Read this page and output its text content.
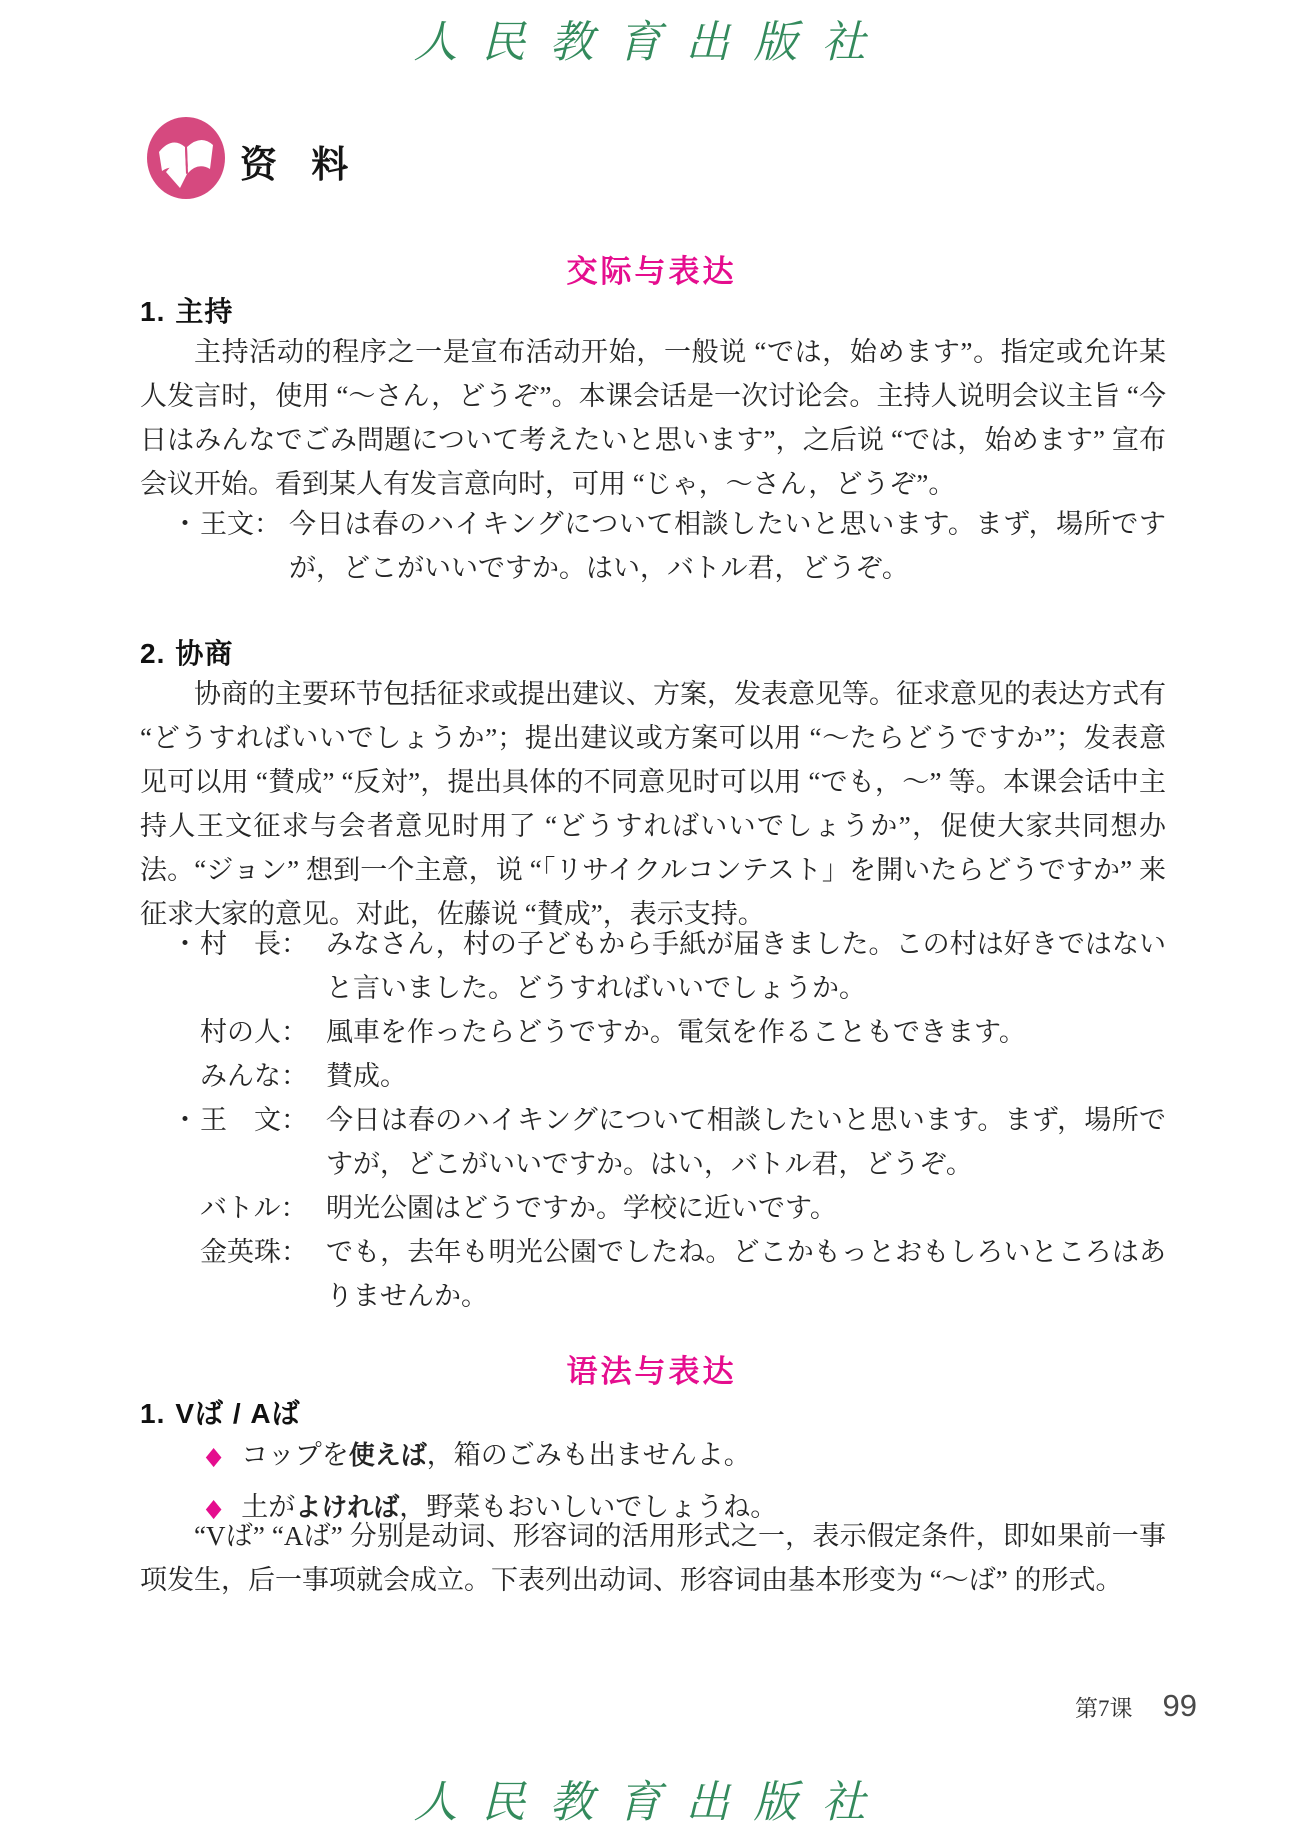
人民教育出版社
资 料
交际与表达
1. 主持
主持活动的程序之一是宣布活动开始，一般说 “では，始めます”。指定或允许某人发言时，使用 “～さん，どうぞ”。本课会话是一次讨论会。主持人说明会议主旨 “今日はみんなでごみ問題について考えたいと思います”，之后说 “では，始めます” 宣布会议开始。看到某人有发言意向时，可用 “じゃ，～さん，どうぞ”。
・ 王文： 今日は春のハイキングについて相談したいと思います。まず，場所ですが，どこがいいですか。はい，バトル君，どうぞ。
2. 协商
协商的主要环节包括征求或提出建议、方案，发表意见等。征求意见的表达方式有 “どうすればいいでしょうか”；提出建议或方案可以用 “～たらどうですか”；发表意见可以用 “賛成” “反対”，提出具体的不同意见时可以用 “でも，～” 等。本课会话中主持人王文征求与会者意见时用了 “どうすればいいでしょうか”，促使大家共同想办法。“ジョン” 想到一个主意，说 “「リサイクルコンテスト」を開いたらどうですか” 来征求大家的意见。对此，佐藤说 “賛成”，表示支持。
・ 村　長： みなさん，村の子どもから手紙が届きました。この村は好きではないと言いました。どうすればいいでしょうか。
村の人： 風車を作ったらどうですか。電気を作ることもできます。
みんな： 賛成。
・ 王　文： 今日は春のハイキングについて相談したいと思います。まず，場所ですが，どこがいいですか。はい，バトル君，どうぞ。
バトル： 明光公園はどうですか。学校に近いです。
金英珠： でも，去年も明光公園でしたね。どこかもっとおもしろいところはありませんか。
语法与表达
1. Vば / Aば
◆ コップを使えば，箱のごみも出ませんよ。
◆ 土がよければ，野菜もおいしいでしょうね。
“Vば” “Aば” 分别是动词、形容词的活用形式之一，表示假定条件，即如果前一事项发生，后一事项就会成立。下表列出动词、形容词由基本形变为 “～ば” 的形式。
第7课 99
人民教育出版社
